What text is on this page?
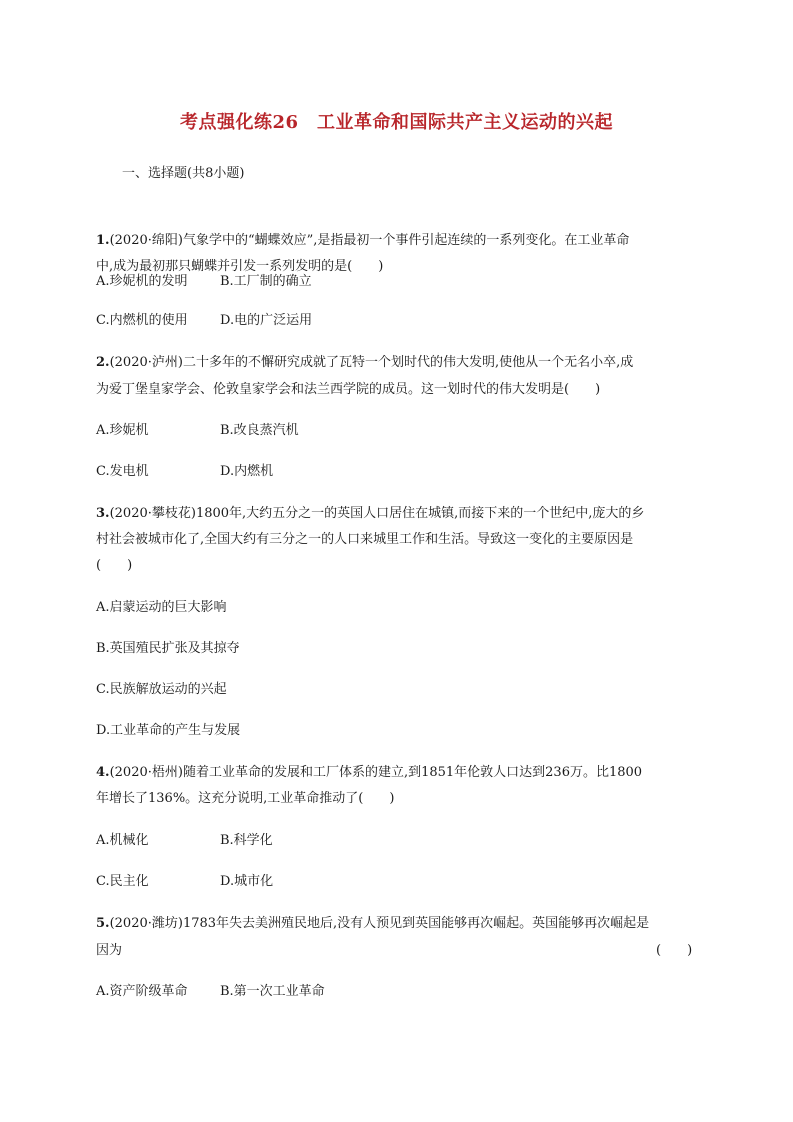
考点强化练26　工业革命和国际共产主义运动的兴起
一、选择题(共8小题)
1.(2020·绵阳)气象学中的“蝴蝶效应”,是指最初一个事件引起连续的一系列变化。在工业革命
中,成为最初那只蝴蝶并引发一系列发明的是(　　)
A.珍妮机的发明 B.工厂制的确立
C.内燃机的使用 D.电的广泛运用
2.(2020·泸州)二十多年的不懈研究成就了瓦特一个划时代的伟大发明,使他从一个无名小卒,成
为爱丁堡皇家学会、伦敦皇家学会和法兰西学院的成员。这一划时代的伟大发明是(　　)
A.珍妮机	B.改良蒸汽机
C.发电机	D.内燃机
3.(2020·攀枝花)1800年,大约五分之一的英国人口居住在城镇,而接下来的一个世纪中,庞大的乡
村社会被城市化了,全国大约有三分之一的人口来城里工作和生活。导致这一变化的主要原因是
(　　)
A.启蒙运动的巨大影响
B.英国殖民扩张及其掠夺
C.民族解放运动的兴起
D.工业革命的产生与发展
4.(2020·梧州)随着工业革命的发展和工厂体系的建立,到1851年伦敦人口达到236万。比1800
年增长了136%。这充分说明,工业革命推动了(　　)
A.机械化	B.科学化
C.民主化	D.城市化
5.(2020·潍坊)1783年失去美洲殖民地后,没有人预见到英国能够再次崛起。英国能够再次崛起是
因为	(　　)
A.资产阶级革命 B.第一次工业革命
